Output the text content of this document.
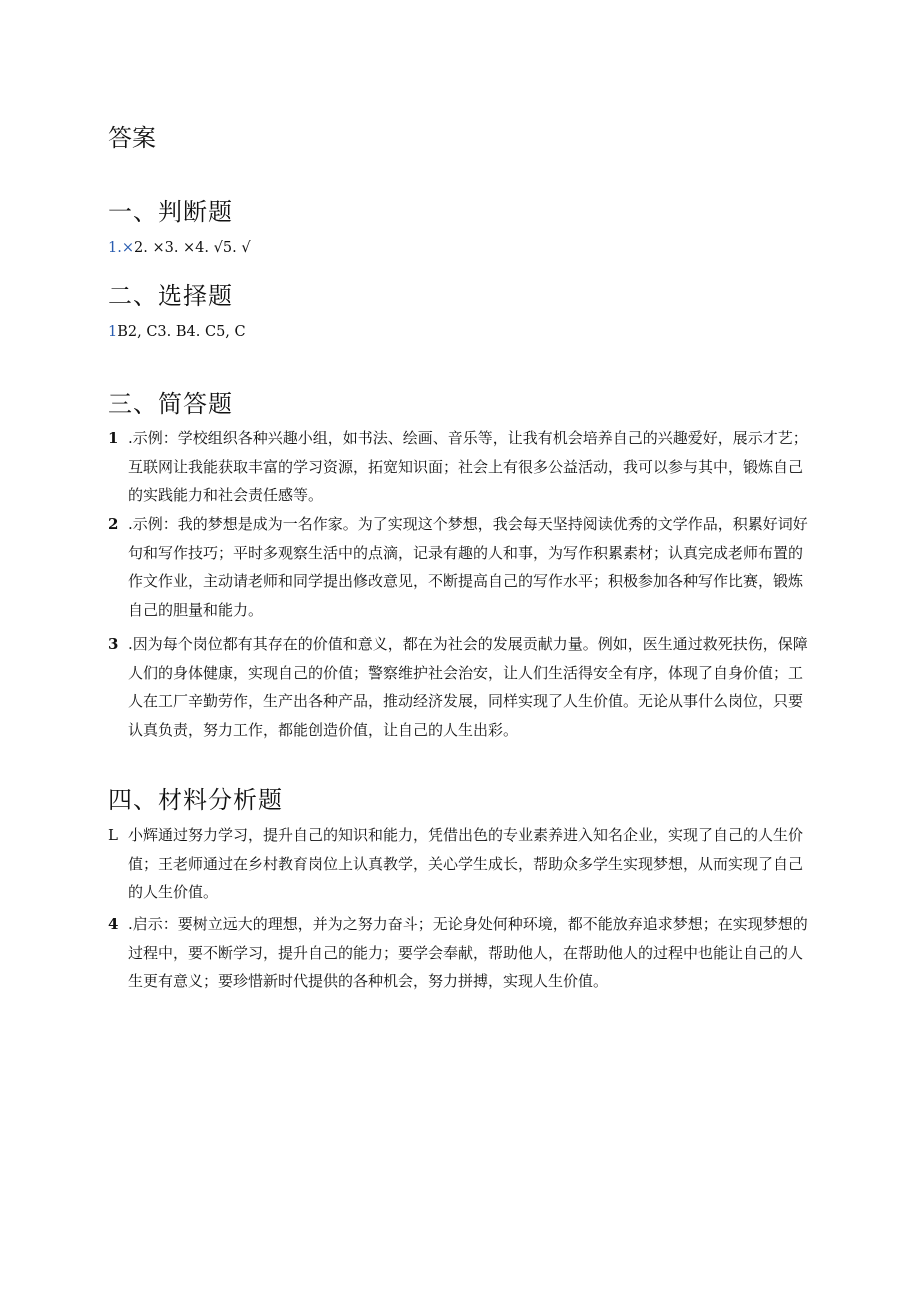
答案
一、判断题
1.×2. ×3. ×4. √5. √
二、选择题
1B2, C3. B4. C5, C
三、简答题
1 .示例：学校组织各种兴趣小组，如书法、绘画、音乐等，让我有机会培养自己的兴趣爱好，展示才艺；互联网让我能获取丰富的学习资源，拓宽知识面；社会上有很多公益活动，我可以参与其中，锻炼自己的实践能力和社会责任感等。
2 .示例：我的梦想是成为一名作家。为了实现这个梦想，我会每天坚持阅读优秀的文学作品，积累好词好句和写作技巧；平时多观察生活中的点滴，记录有趣的人和事，为写作积累素材；认真完成老师布置的作文作业，主动请老师和同学提出修改意见，不断提高自己的写作水平；积极参加各种写作比赛，锻炼自己的胆量和能力。
3 .因为每个岗位都有其存在的价值和意义，都在为社会的发展贡献力量。例如，医生通过救死扶伤，保障人们的身体健康，实现自己的价值；警察维护社会治安，让人们生活得安全有序，体现了自身价值；工人在工厂辛勤劳作，生产出各种产品，推动经济发展，同样实现了人生价值。无论从事什么岗位，只要认真负责，努力工作，都能创造价值，让自己的人生出彩。
四、材料分析题
L 小辉通过努力学习，提升自己的知识和能力，凭借出色的专业素养进入知名企业，实现了自己的人生价值；王老师通过在乡村教育岗位上认真教学，关心学生成长，帮助众多学生实现梦想，从而实现了自己的人生价值。
4 .启示：要树立远大的理想，并为之努力奋斗；无论身处何种环境，都不能放弃追求梦想；在实现梦想的过程中，要不断学习，提升自己的能力；要学会奉献，帮助他人，在帮助他人的过程中也能让自己的人生更有意义；要珍惜新时代提供的各种机会，努力拼搏，实现人生价值。
